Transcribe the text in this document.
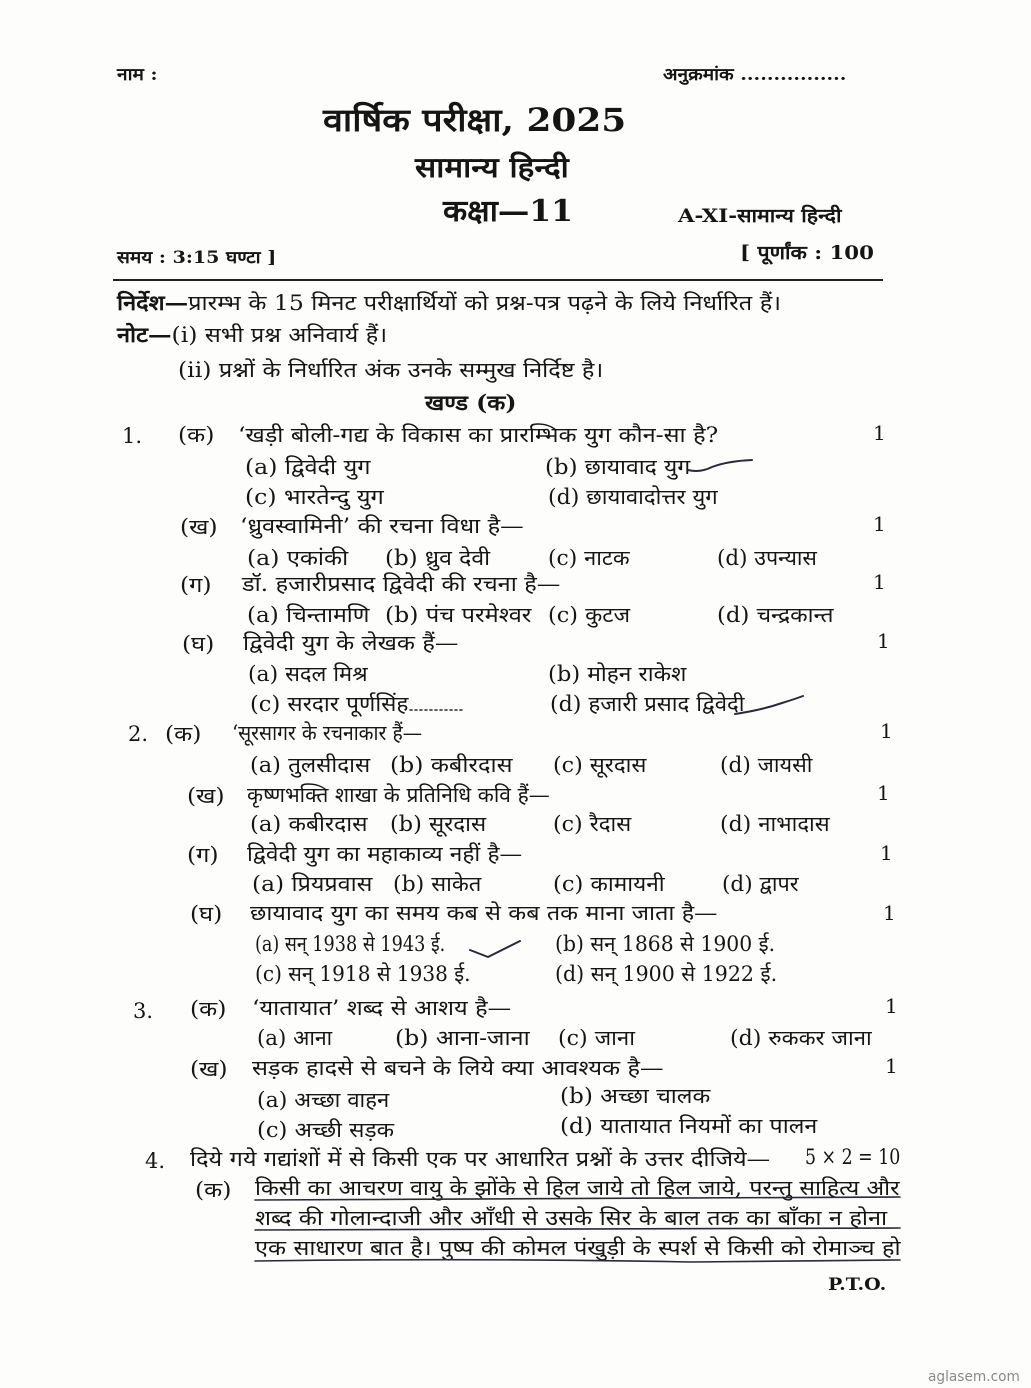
नाम :	अनुक्रमांक ................
वार्षिक परीक्षा, 2025
सामान्य हिन्दी
कक्षा—11	A-XI-सामान्य हिन्दी
समय : 3:15 घण्टा ]	[ पूर्णांक : 100
निर्देश—प्रारम्भ के 15 मिनट परीक्षार्थियों को प्रश्न-पत्र पढ़ने के लिये निर्धारित हैं।
नोट—(i) सभी प्रश्न अनिवार्य हैं।
(ii) प्रश्नों के निर्धारित अंक उनके सम्मुख निर्दिष्ट है।
खण्ड (क)
1. (क) ‘खड़ी बोली-गद्य के विकास का प्रारम्भिक युग कौन-सा है?	1
(a) द्विवेदी युग	(b) छायावाद युग
(c) भारतेन्दु युग	(d) छायावादोत्तर युग
(ख) ‘ध्रुवस्वामिनी’ की रचना विधा है—	1
(a) एकांकी (b) ध्रुव देवी	(c) नाटक	(d) उपन्यास
(ग) डॉ. हजारीप्रसाद द्विवेदी की रचना है—	1
(a) चिन्तामणि (b) पंच परमेश्वर (c) कुटज	(d) चन्द्रकान्त
(घ) द्विवेदी युग के लेखक हैं—	1
(a) सदल मिश्र	(b) मोहन राकेश
(c) सरदार पूर्णसिंह	(d) हजारी प्रसाद द्विवेदी
2. (क) ‘सूरसागर के रचनाकार हैं—	1
(a) तुलसीदास (b) कबीरदास (c) सूरदास	(d) जायसी
(ख) कृष्णभक्ति शाखा के प्रतिनिधि कवि हैं—	1
(a) कबीरदास (b) सूरदास	(c) रैदास	(d) नाभादास
(ग) द्विवेदी युग का महाकाव्य नहीं है—	1
(a) प्रियप्रवास (b) साकेत	(c) कामायनी	(d) द्वापर
(घ) छायावाद युग का समय कब से कब तक माना जाता है—	1
(a) सन् 1938 से 1943 ई.	(b) सन् 1868 से 1900 ई.
(c) सन् 1918 से 1938 ई.	(d) सन् 1900 से 1922 ई.
3. (क) ‘यातायात’ शब्द से आशय है—	1
(a) आना	(b) आना-जाना (c) जाना	(d) रुककर जाना
(ख) सड़क हादसे से बचने के लिये क्या आवश्यक है—	1
(a) अच्छा वाहन	(b) अच्छा चालक
(c) अच्छी सड़क	(d) यातायात नियमों का पालन
4. दिये गये गद्यांशों में से किसी एक पर आधारित प्रश्नों के उत्तर दीजिये— 5 × 2 = 10
(क) किसी का आचरण वायु के झोंके से हिल जाये तो हिल जाये, परन्तु साहित्य और
शब्द की गोलान्दाजी और आँधी से उसके सिर के बाल तक का बाँका न होना
एक साधारण बात है। पुष्प की कोमल पंखुड़ी के स्पर्श से किसी को रोमाञ्च हो
P.T.O.
aglasem.com
